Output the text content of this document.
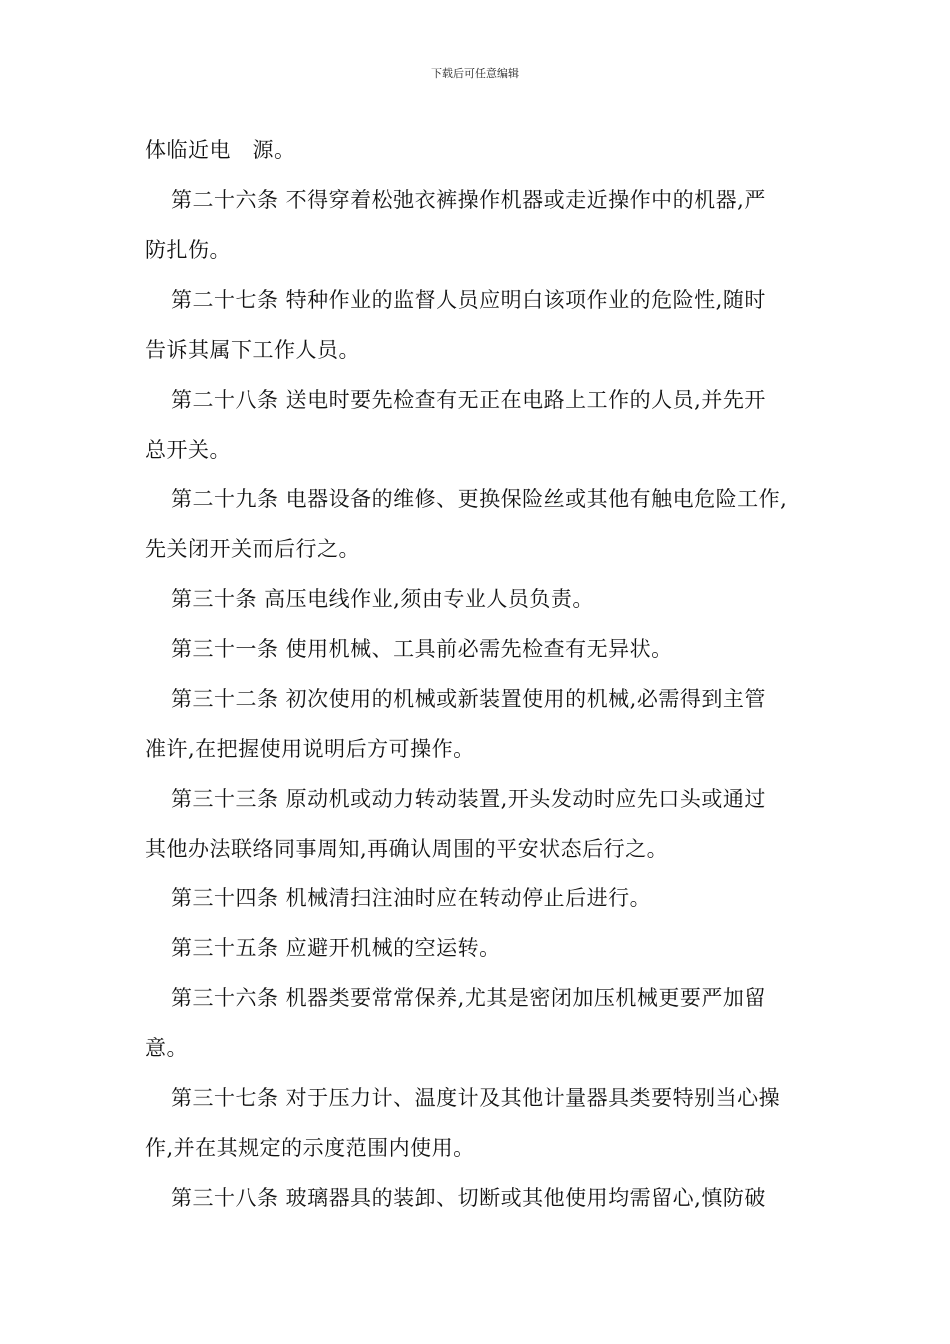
下载后可任意编辑
体临近电　源。
第二十六条 不得穿着松弛衣裤操作机器或走近操作中的机器,严
防扎伤。
第二十七条 特种作业的监督人员应明白该项作业的危险性,随时
告诉其属下工作人员。
第二十八条 送电时要先检查有无正在电路上工作的人员,并先开
总开关。
第二十九条 电器设备的维修、更换保险丝或其他有触电危险工作,
先关闭开关而后行之。
第三十条 高压电线作业,须由专业人员负责。
第三十一条 使用机械、工具前必需先检查有无异状。
第三十二条 初次使用的机械或新装置使用的机械,必需得到主管
准许,在把握使用说明后方可操作。
第三十三条 原动机或动力转动装置,开头发动时应先口头或通过
其他办法联络同事周知,再确认周围的平安状态后行之。
第三十四条 机械清扫注油时应在转动停止后进行。
第三十五条 应避开机械的空运转。
第三十六条 机器类要常常保养,尤其是密闭加压机械更要严加留
意。
第三十七条 对于压力计、温度计及其他计量器具类要特别当心操
作,并在其规定的示度范围内使用。
第三十八条 玻璃器具的装卸、切断或其他使用均需留心,慎防破
